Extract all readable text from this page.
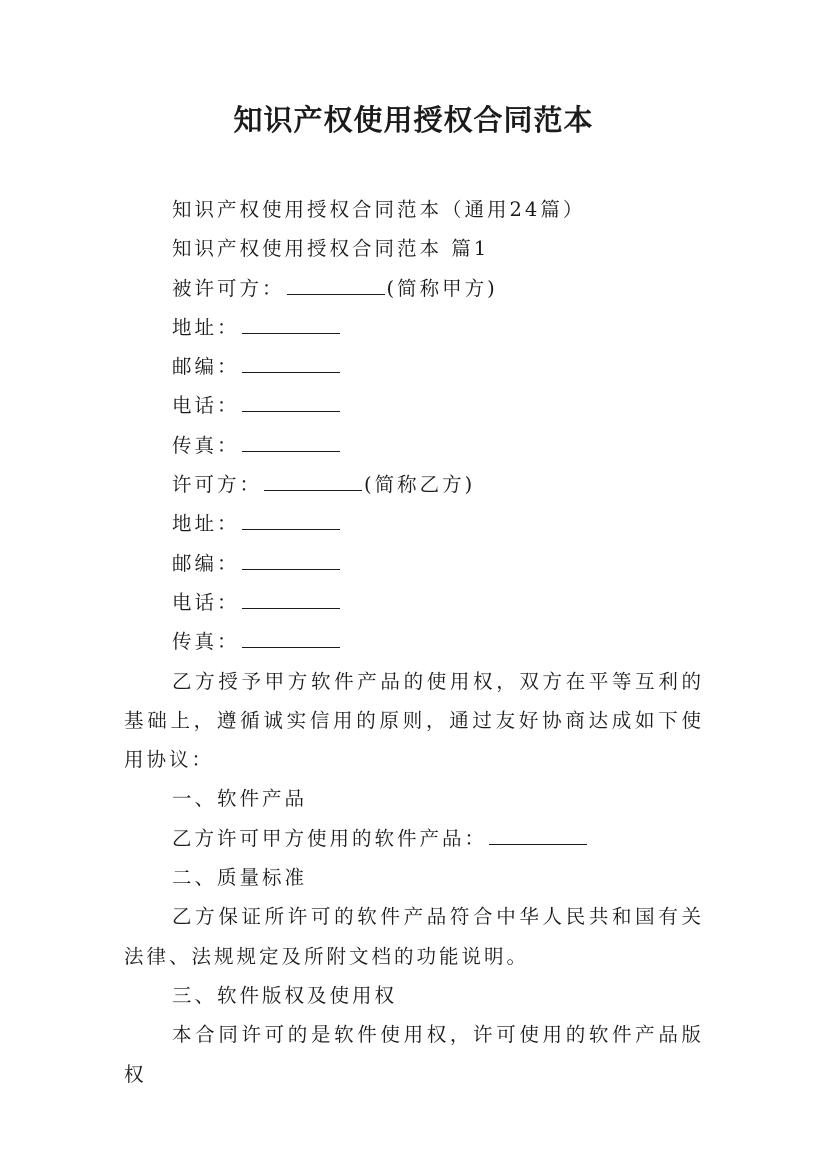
知识产权使用授权合同范本

知识产权使用授权合同范本（通用24篇）

知识产权使用授权合同范本 篇1

被许可方：	(简称甲方)

地址：

邮编：

电话：

传真：

许可方：	(简称乙方)

地址：

邮编：

电话：

传真：

乙方授予甲方软件产品的使用权，双方在平等互利的基础上，遵循诚实信用的原则，通过友好协商达成如下使用协议：

一、软件产品

乙方许可甲方使用的软件产品：

二、质量标准

乙方保证所许可的软件产品符合中华人民共和国有关法律、法规规定及所附文档的功能说明。

三、软件版权及使用权

本合同许可的是软件使用权，许可使用的软件产品版权
